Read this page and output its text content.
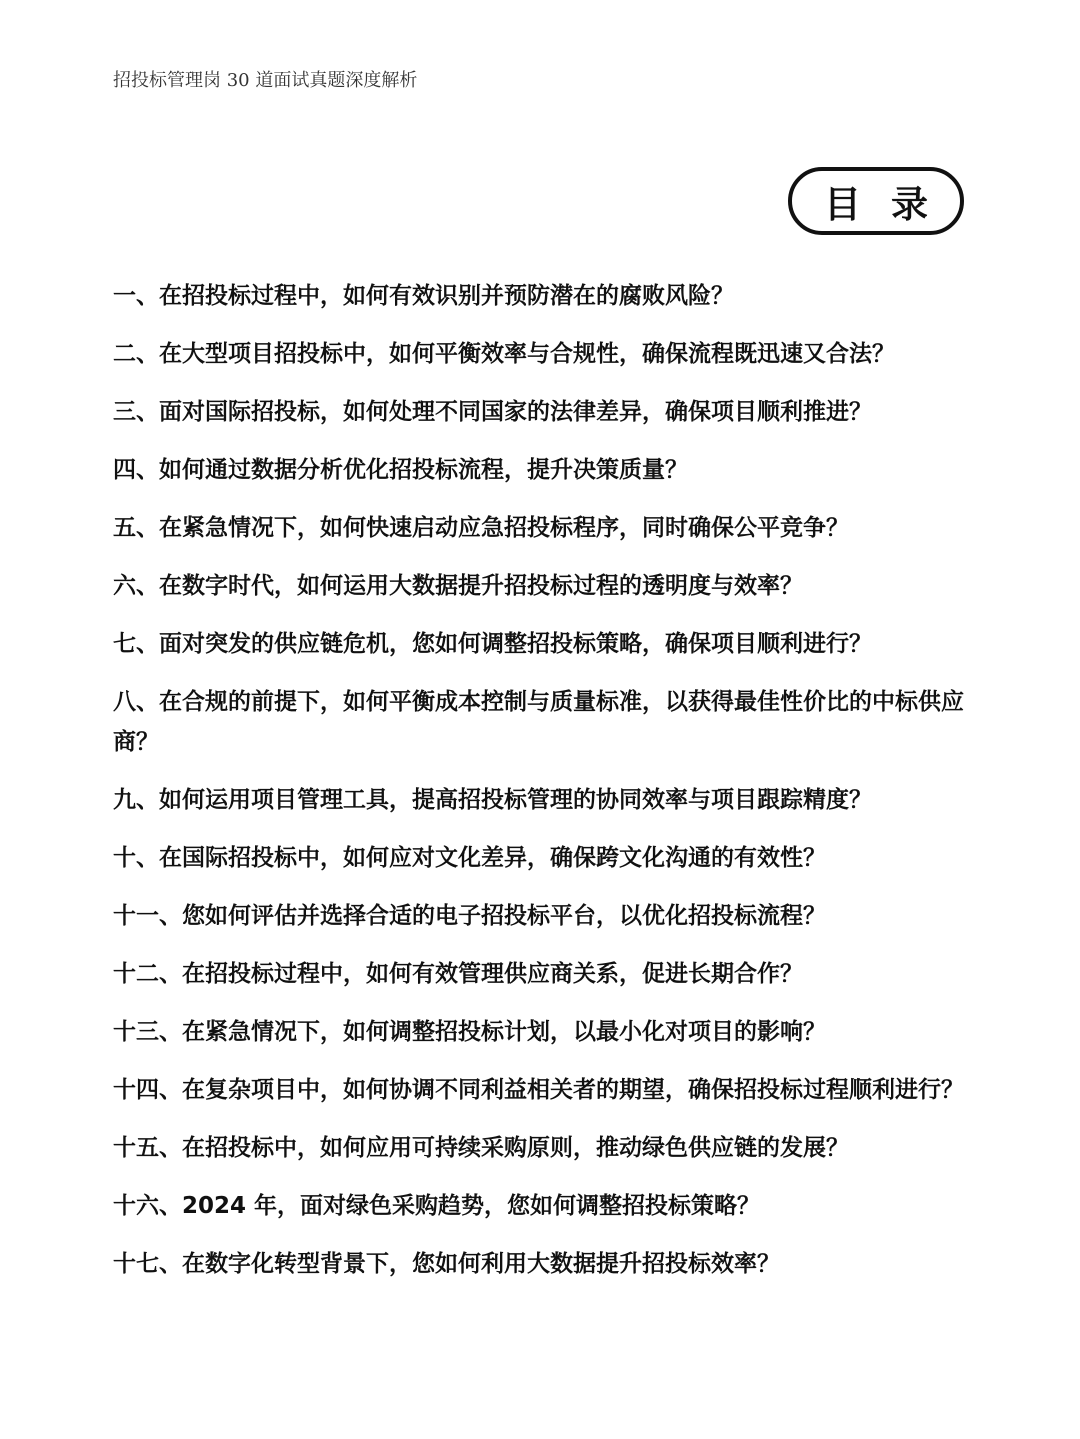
招投标管理岗 30 道面试真题深度解析
目录
一、在招投标过程中，如何有效识别并预防潜在的腐败风险？
二、在大型项目招投标中，如何平衡效率与合规性，确保流程既迅速又合法？
三、面对国际招投标，如何处理不同国家的法律差异，确保项目顺利推进？
四、如何通过数据分析优化招投标流程，提升决策质量？
五、在紧急情况下，如何快速启动应急招投标程序，同时确保公平竞争？
六、在数字时代，如何运用大数据提升招投标过程的透明度与效率？
七、面对突发的供应链危机，您如何调整招投标策略，确保项目顺利进行？
八、在合规的前提下，如何平衡成本控制与质量标准，以获得最佳性价比的中标供应商？
九、如何运用项目管理工具，提高招投标管理的协同效率与项目跟踪精度？
十、在国际招投标中，如何应对文化差异，确保跨文化沟通的有效性？
十一、您如何评估并选择合适的电子招投标平台，以优化招投标流程？
十二、在招投标过程中，如何有效管理供应商关系，促进长期合作？
十三、在紧急情况下，如何调整招投标计划，以最小化对项目的影响？
十四、在复杂项目中，如何协调不同利益相关者的期望，确保招投标过程顺利进行？
十五、在招投标中，如何应用可持续采购原则，推动绿色供应链的发展？
十六、2024 年，面对绿色采购趋势，您如何调整招投标策略？
十七、在数字化转型背景下，您如何利用大数据提升招投标效率？
